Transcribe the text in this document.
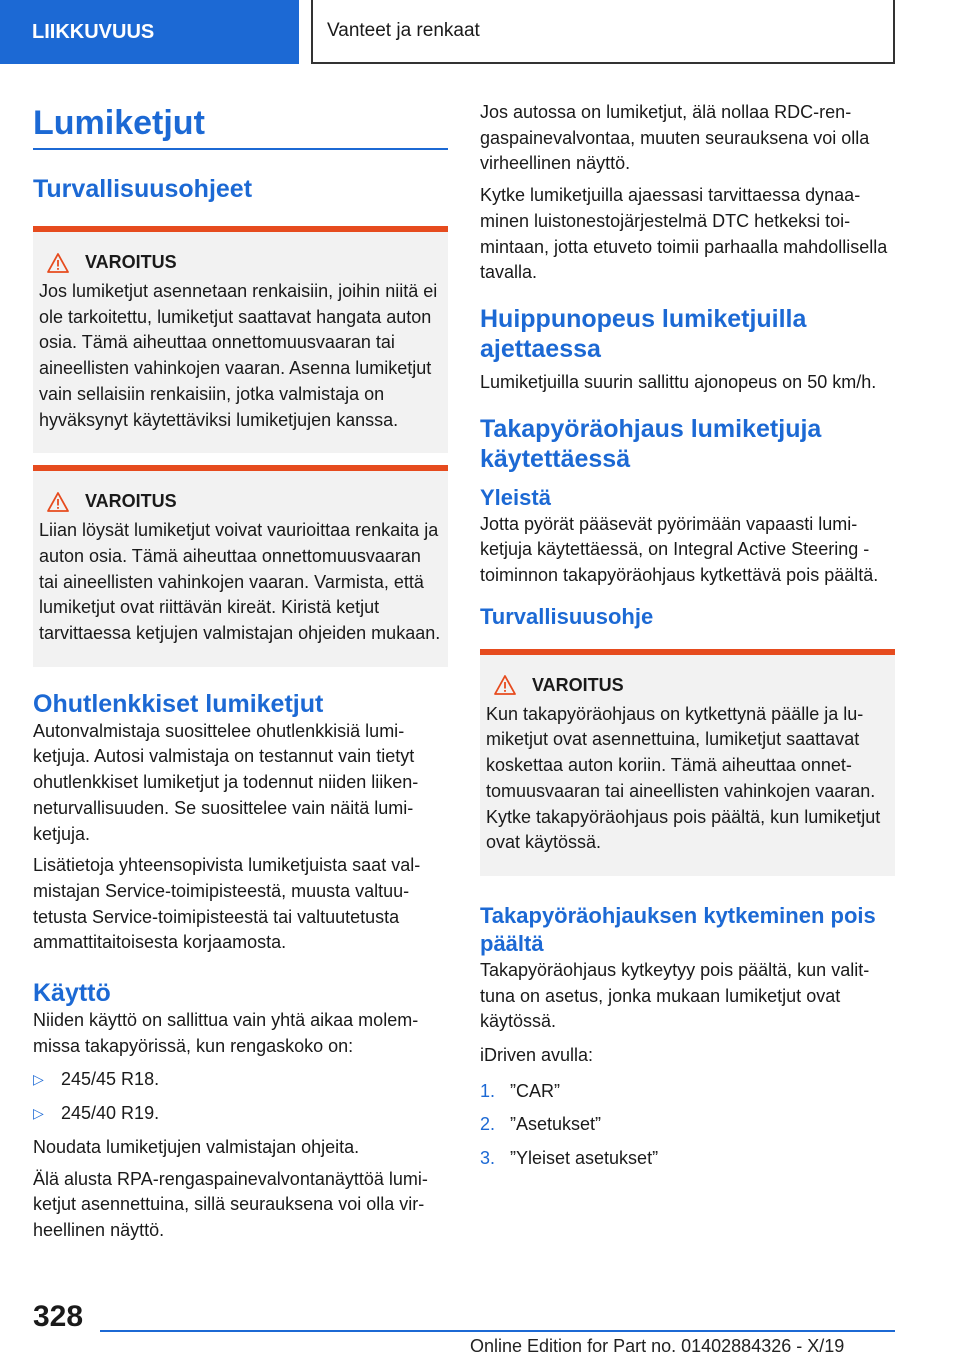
LIIKKUVUUS	Vanteet ja renkaat
Lumiketjut
Turvallisuusohjeet
VAROITUS

Jos lumiketjut asennetaan renkaisiin, joihin niitä ei ole tarkoitettu, lumiketjut saattavat hangata auton osia. Tämä aiheuttaa onnettomuusvaaran tai aineellisten vahinkojen vaaran. Asenna lumiketjut vain sellaisiin renkaisiin, jotka valmistaja on hyväksynyt käytettäviksi lumiketjujen kanssa.

VAROITUS

Liian löysät lumiketjut voivat vaurioittaa renkaita ja auton osia. Tämä aiheuttaa onnettomuusvaaran tai aineellisten vahinkojen vaaran. Varmista, että lumiketjut ovat riittävän kireät. Kiristä ketjut tarvittaessa ketjujen valmistajan ohjeiden mukaan.

Ohutlenkkiset lumiketjut

Autonvalmistaja suosittelee ohutlenkkisiä lumiketjuja. Autosi valmistaja on testannut vain tietyt ohutlenkkiset lumiketjut ja todennut niiden liikenneturvallisuuden. Se suosittelee vain näitä lumiketjuja.

Lisätietoja yhteensopivista lumiketjuista saat valmistajan Service-toimipisteestä, muusta valtuutetusta Service-toimipisteestä tai valtuutetusta ammattitaitoisesta korjaamosta.

Käyttö

Niiden käyttö on sallittua vain yhtä aikaa molemmissa takapyörissä, kun rengaskoko on:

▷ 245/45 R18.
▷ 245/40 R19.

Noudata lumiketjujen valmistajan ohjeita.

Älä alusta RPA-rengaspainevalvontanäyttöä lumiketjut asennettuina, sillä seurauksena voi olla virheellinen näyttö.

Jos autossa on lumiketjut, älä nollaa RDC-rengaspainevalvontaa, muuten seurauksena voi olla virheellinen näyttö.

Kytke lumiketjuilla ajaessasi tarvittaessa dynaaminen luistonestojärjestelmä DTC hetkeksi toimintaan, jotta etuveto toimii parhaalla mahdollisella tavalla.

Huippunopeus lumiketjuilla ajettaessa

Lumiketjuilla suurin sallittu ajonopeus on 50 km/h.

Takapyöräohjaus lumiketjuja käytettäessä
Yleistä

Jotta pyörät pääsevät pyörimään vapaasti lumiketjuja käytettäessä, on Integral Active Steering -toiminnon takapyöräohjaus kytkettävä pois päältä.

Turvallisuusohje
VAROITUS

Kun takapyöräohjaus on kytkettynä päälle ja lumiketjut ovat asennettuina, lumiketjut saattavat koskettaa auton koriin. Tämä aiheuttaa onnettomuusvaaran tai aineellisten vahinkojen vaaran. Kytke takapyöräohjaus pois päältä, kun lumiketjut ovat käytössä.

Takapyöräohjauksen kytkeminen pois päältä

Takapyöräohjaus kytkeytyy pois päältä, kun valittuna on asetus, jonka mukaan lumiketjut ovat käytössä.

iDriven avulla:

1. ”CAR”
2. ”Asetukset”
3. ”Yleiset asetukset”
328
Online Edition for Part no. 01402884326 - X/19
